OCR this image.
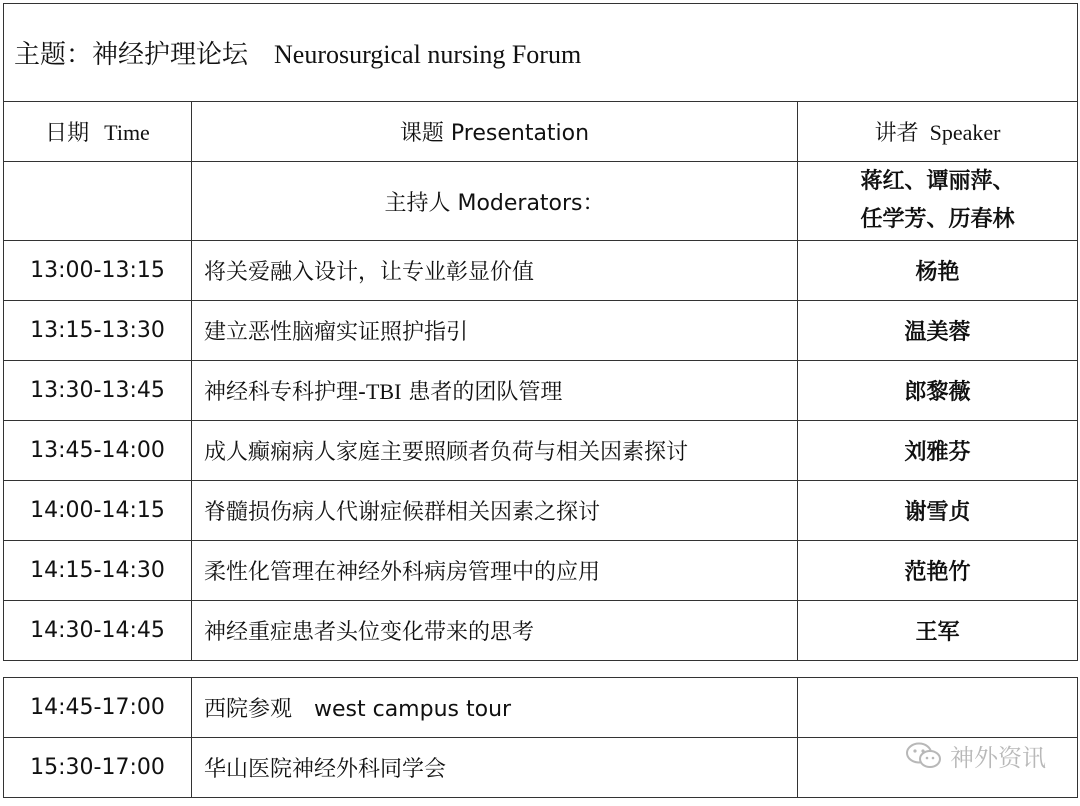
主题：神经护理论坛 Neurosurgical nursing Forum		
日期 Time	课题 Presentation	讲者 Speaker
	主持人 Moderators：	蒋红、谭丽萍、
任学芳、历春林

13:00-13:15	将关爱融入设计，让专业彰显价值	杨艳
13:15-13:30	建立恶性脑瘤实证照护指引	温美蓉
13:30-13:45	神经科专科护理-TBI 患者的团队管理	郎黎薇
13:45-14:00	成人癫痫病人家庭主要照顾者负荷与相关因素探讨	刘雅芬
14:00-14:15	脊髓损伤病人代谢症候群相关因素之探讨	谢雪贞
14:15-14:30	柔性化管理在神经外科病房管理中的应用	范艳竹
14:30-14:45	神经重症患者头位变化带来的思考	王军
14:45-17:00	西院参观　west campus tour	
15:30-17:00	华山医院神经外科同学会		神外资讯
